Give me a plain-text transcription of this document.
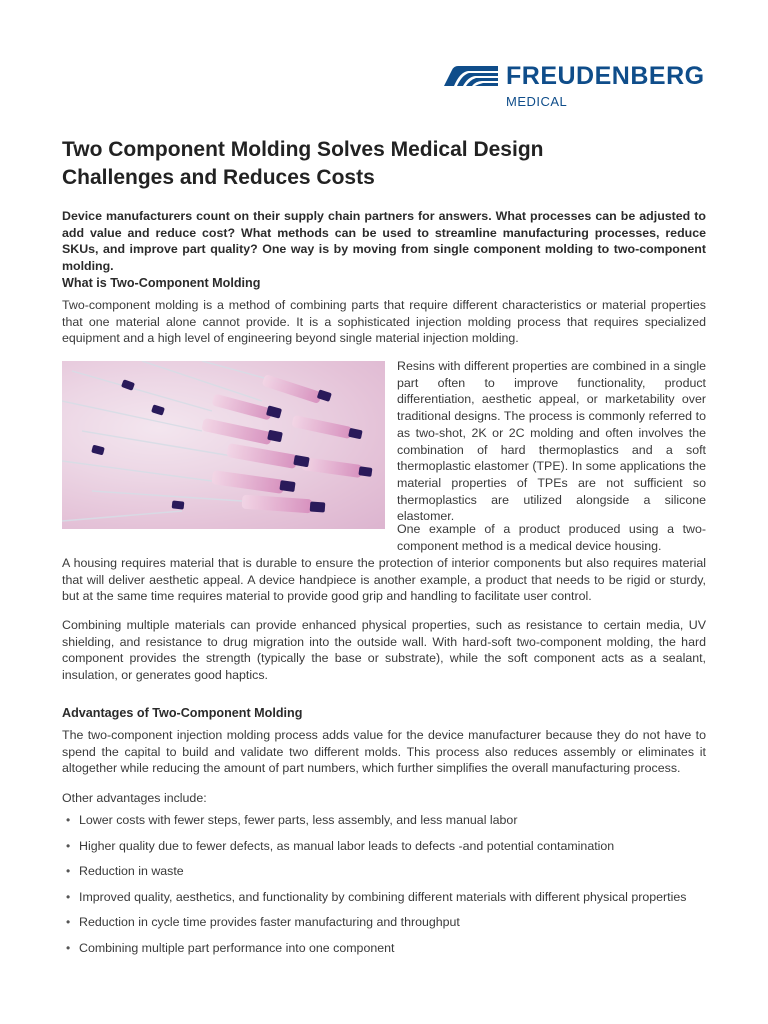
FREUDENBERG
MEDICAL
Two Component Molding Solves Medical Design Challenges and Reduces Costs

Device manufacturers count on their supply chain partners for answers. What processes can be adjusted to add value and reduce cost? What methods can be used to streamline manufacturing processes, reduce SKUs, and improve part quality? One way is by moving from single component molding to two-component molding.

What is Two-Component Molding

Two-component molding is a method of combining parts that require different characteristics or material properties that one material alone cannot provide. It is a sophisticated injection molding process that requires specialized equipment and a high level of engineering beyond single material injection molding.

Resins with different properties are combined in a single part often to improve functionality, product differentiation, aesthetic appeal, or marketability over traditional designs. The process is commonly referred to as two-shot, 2K or 2C molding and often involves the combination of hard thermoplastics and a soft thermoplastic elastomer (TPE). In some applications the material properties of TPEs are not sufficient so thermoplastics are utilized alongside a silicone elastomer.

One example of a product produced using a two-component method is a medical device housing.

A housing requires material that is durable to ensure the protection of interior components but also requires material that will deliver aesthetic appeal. A device handpiece is another example, a product that needs to be rigid or sturdy, but at the same time requires material to provide good grip and handling to facilitate user control.

Combining multiple materials can provide enhanced physical properties, such as resistance to certain media, UV shielding, and resistance to drug migration into the outside wall. With hard-soft two-component molding, the hard component provides the strength (typically the base or substrate), while the soft component acts as a sealant, insulation, or generates good haptics.

Advantages of Two-Component Molding

The two-component injection molding process adds value for the device manufacturer because they do not have to spend the capital to build and validate two different molds. This process also reduces assembly or eliminates it altogether while reducing the amount of part numbers, which further simplifies the overall manufacturing process.

Other advantages include:

• Lower costs with fewer steps, fewer parts, less assembly, and less manual labor
• Higher quality due to fewer defects, as manual labor leads to defects -and potential contamination
• Reduction in waste
• Improved quality, aesthetics, and functionality by combining different materials with different physical properties
• Reduction in cycle time provides faster manufacturing and throughput
• Combining multiple part performance into one component
